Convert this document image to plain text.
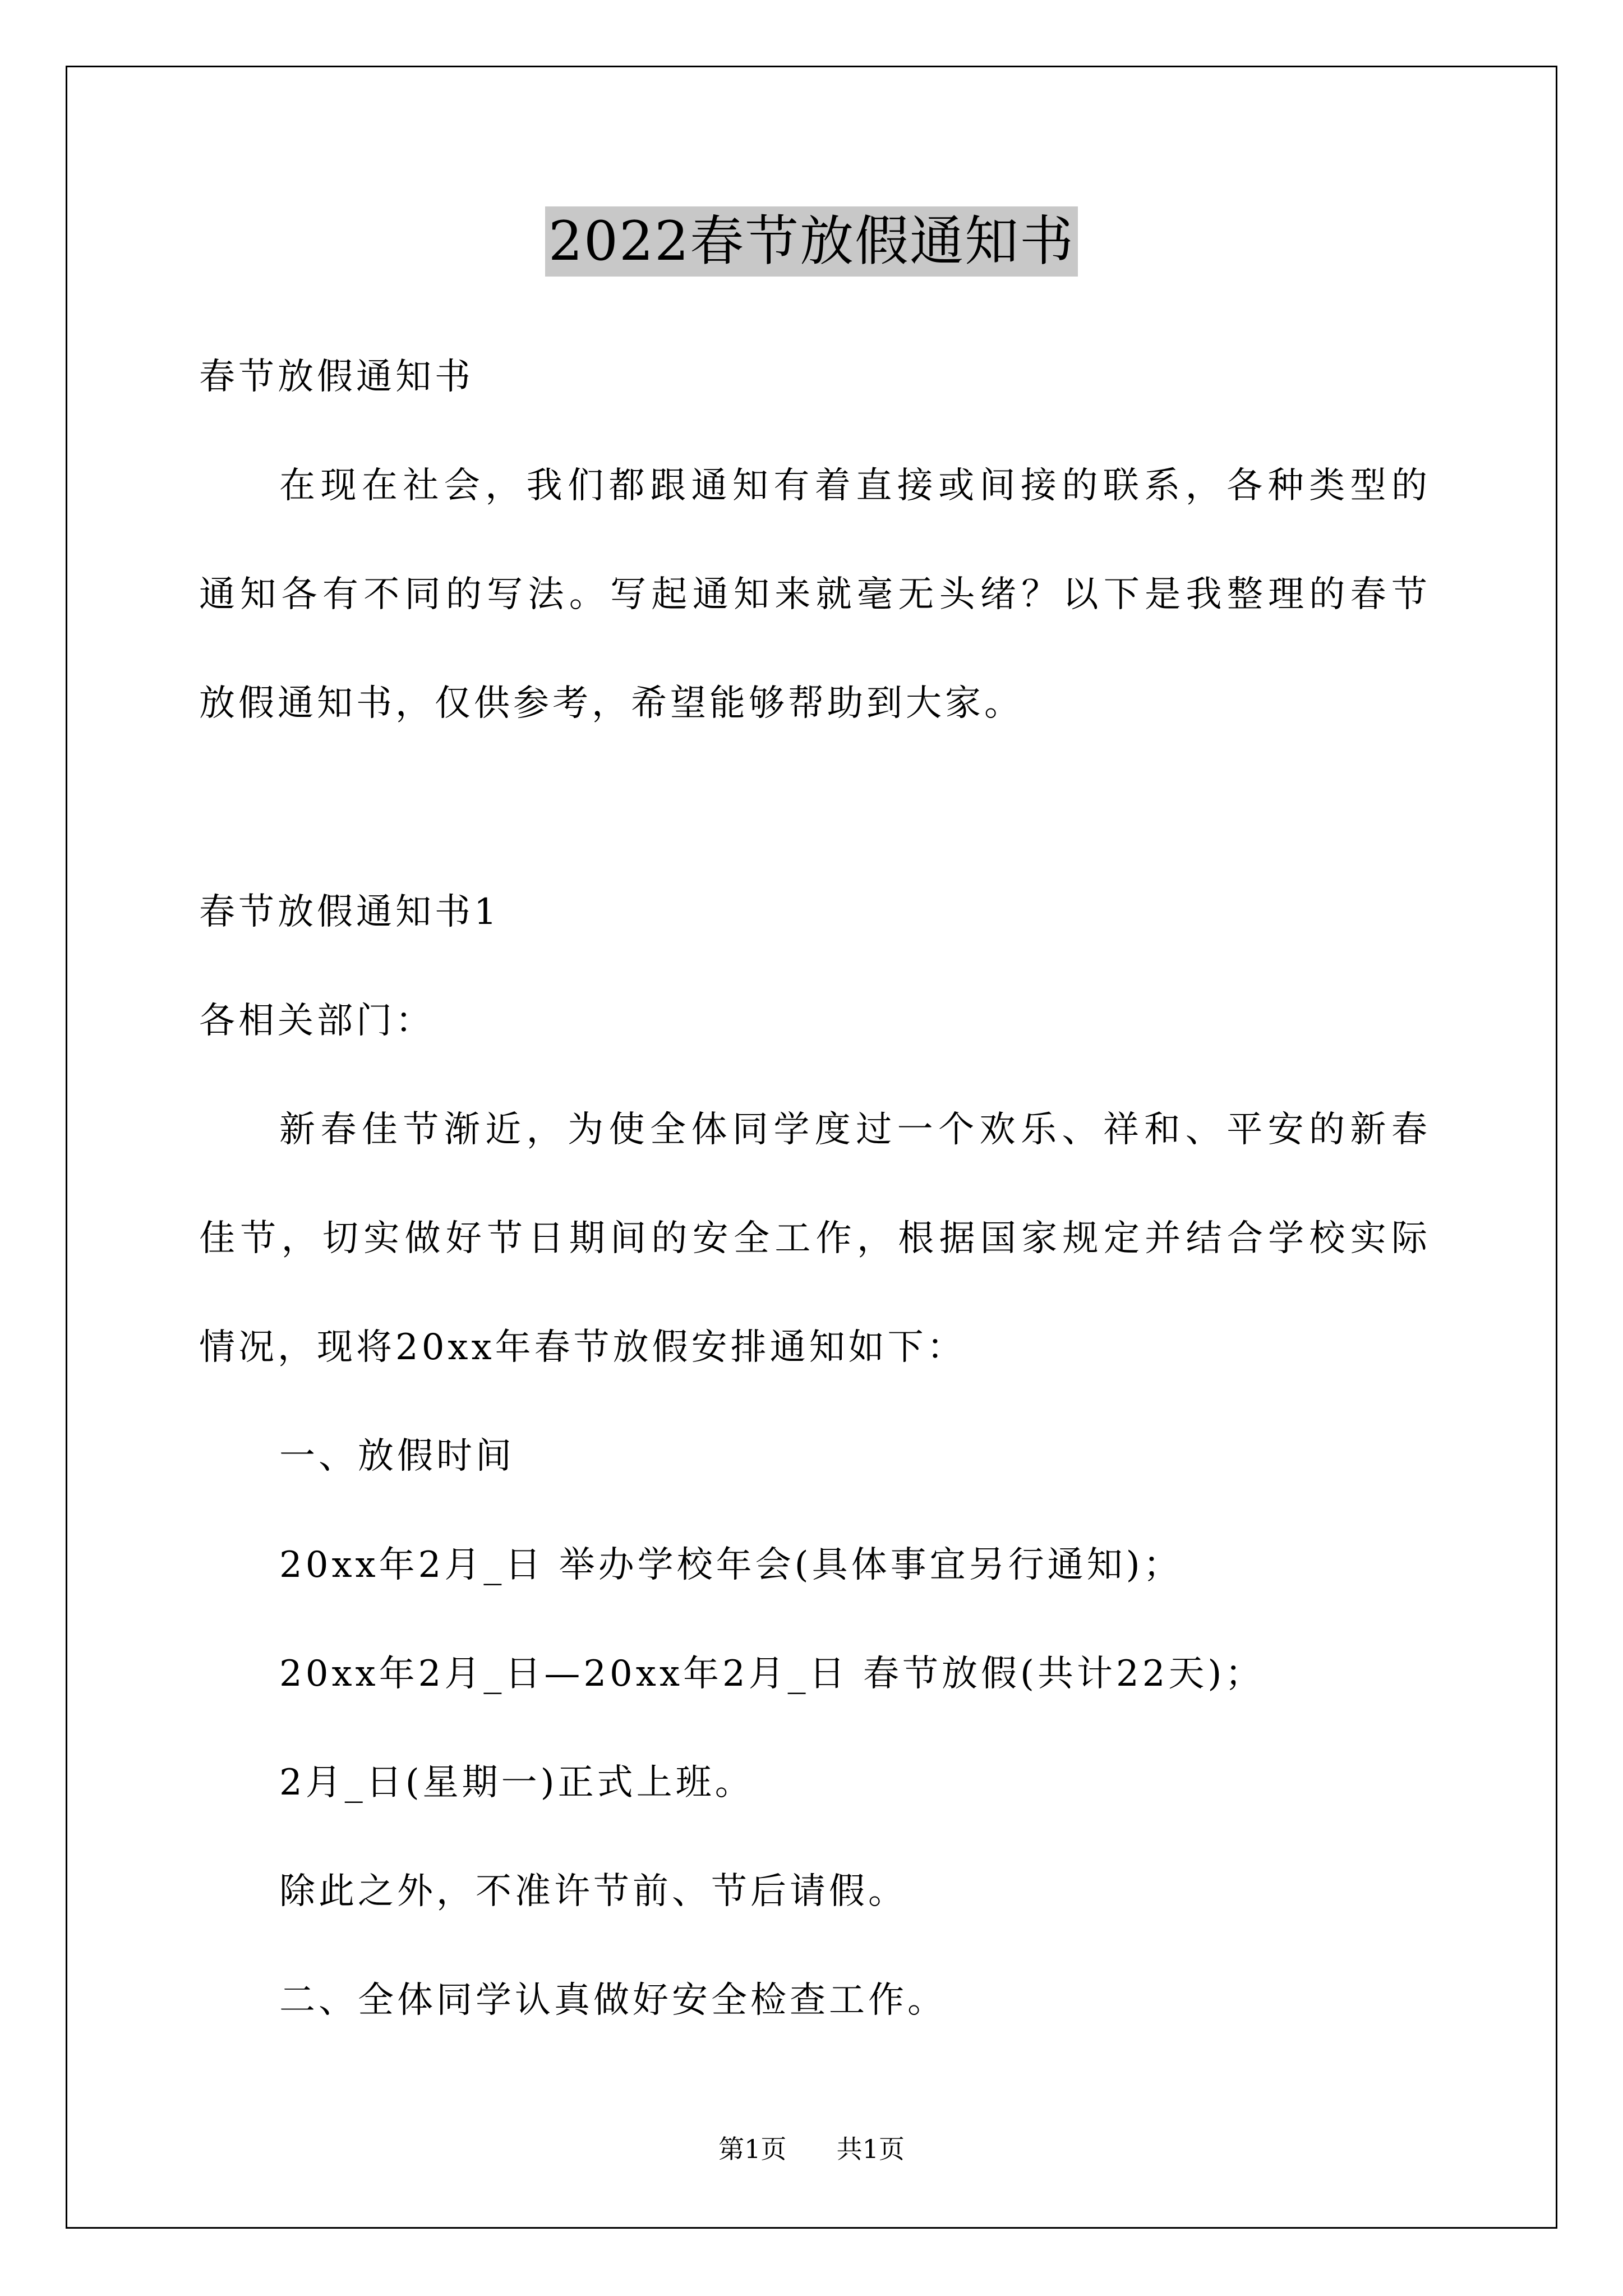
2022春节放假通知书
春节放假通知书
在现在社会，我们都跟通知有着直接或间接的联系，各种类型的
通知各有不同的写法。写起通知来就毫无头绪？以下是我整理的春节
放假通知书，仅供参考，希望能够帮助到大家。
春节放假通知书1
各相关部门：
新春佳节渐近，为使全体同学度过一个欢乐、祥和、平安的新春
佳节，切实做好节日期间的安全工作，根据国家规定并结合学校实际
情况，现将20xx年春节放假安排通知如下：
一、放假时间
20xx年2月_日 举办学校年会(具体事宜另行通知)；
20xx年2月_日—20xx年2月_日 春节放假(共计22天)；
2月_日(星期一)正式上班。
除此之外，不准许节前、节后请假。
二、全体同学认真做好安全检查工作。
第1页 共1页
